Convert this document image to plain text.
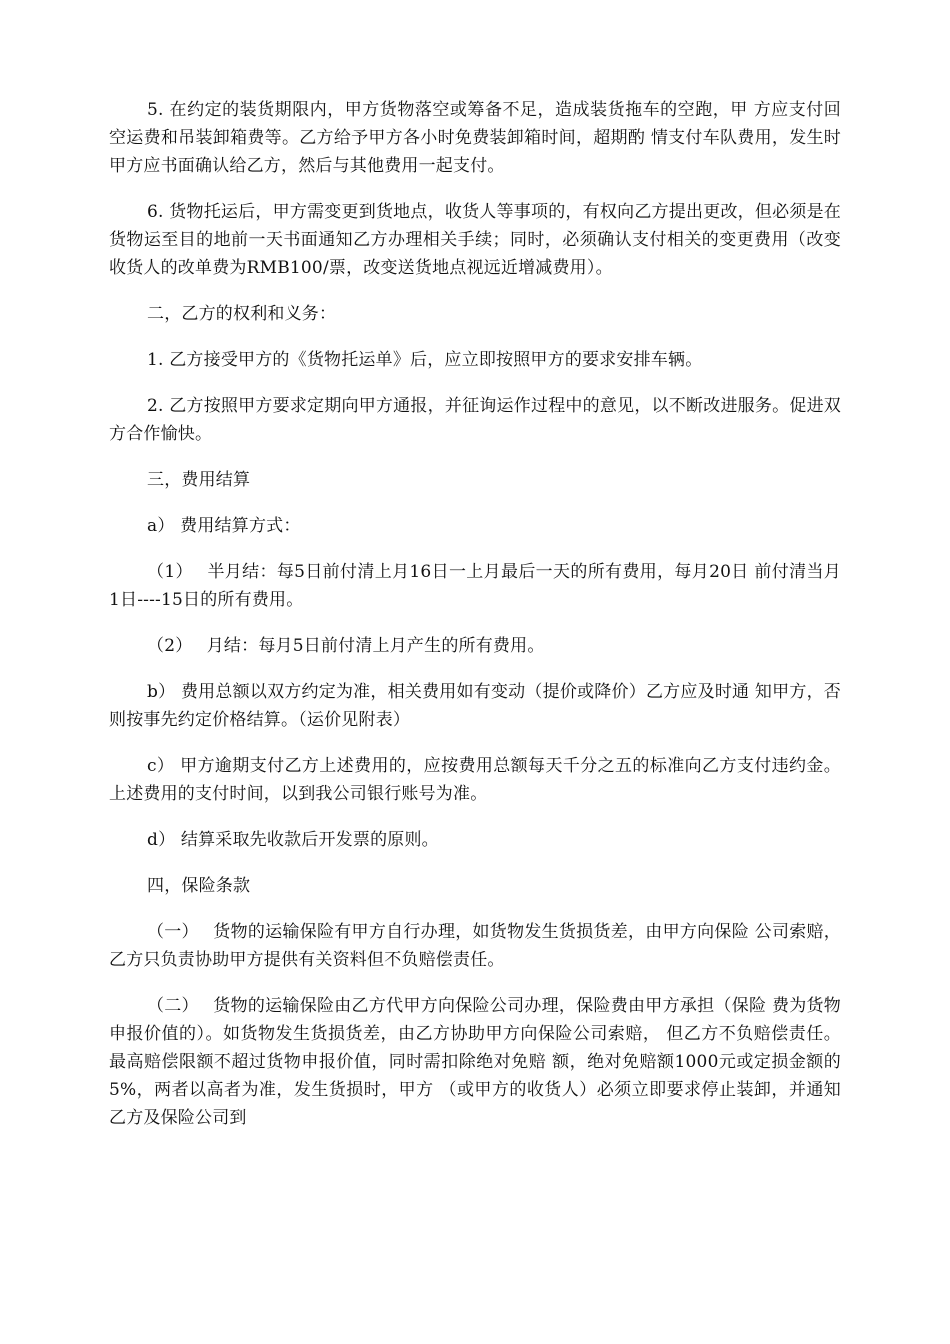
5. 在约定的装货期限内，甲方货物落空或筹备不足，造成装货拖车的空跑，甲 方应支付回空运费和吊装卸箱费等。乙方给予甲方各小时免费装卸箱时间，超期酌 情支付车队费用，发生时甲方应书面确认给乙方，然后与其他费用一起支付。

6. 货物托运后，甲方需变更到货地点，收货人等事项的，有权向乙方提出更改，但必须是在货物运至目的地前一天书面通知乙方办理相关手续；同时，必须确认支付相关的变更费用（改变收货人的改单费为RMB100/票，改变送货地点视远近增减费用）。

二，乙方的权利和义务：

1. 乙方接受甲方的《货物托运单》后，应立即按照甲方的要求安排车辆。

2. 乙方按照甲方要求定期向甲方通报，并征询运作过程中的意见，以不断改进服务。促进双方合作愉快。

三，费用结算

a） 费用结算方式：

（1）　 半月结：每5日前付清上月16日一上月最后一天的所有费用，每月20日 前付清当月1日----15日的所有费用。

（2）　 月结：每月5日前付清上月产生的所有费用。

b） 费用总额以双方约定为准，相关费用如有变动（提价或降价）乙方应及时通 知甲方，否则按事先约定价格结算。（运价见附表）

c） 甲方逾期支付乙方上述费用的，应按费用总额每天千分之五的标准向乙方支付违约金。上述费用的支付时间，以到我公司银行账号为准。

d） 结算采取先收款后开发票的原则。

四，保险条款

（一）　 货物的运输保险有甲方自行办理，如货物发生货损货差，由甲方向保险 公司索赔，乙方只负责协助甲方提供有关资料但不负赔偿责任。

（二）　 货物的运输保险由乙方代甲方向保险公司办理，保险费由甲方承担（保险 费为货物申报价值的）。如货物发生货损货差，由乙方协助甲方向保险公司索赔， 但乙方不负赔偿责任。最高赔偿限额不超过货物申报价值，同时需扣除绝对免赔 额，绝对免赔额1000元或定损金额的5%，两者以高者为准，发生货损时，甲方 （或甲方的收货人）必须立即要求停止装卸，并通知乙方及保险公司到
